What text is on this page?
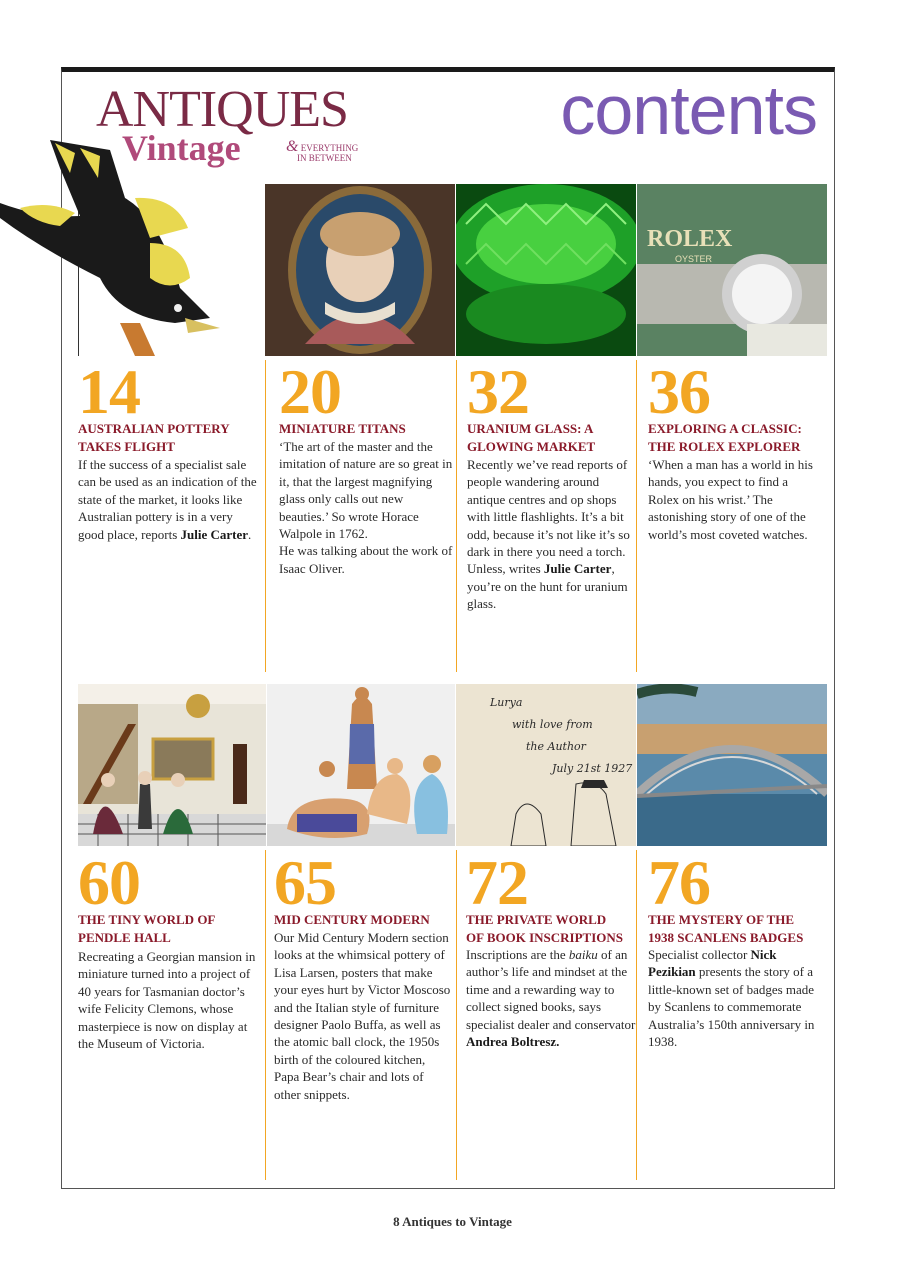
ANTIQUES
Vintage	& EVERYTHING
IN BETWEEN
contents
ROLEX
OYSTER
14
AUSTRALIAN POTTERY
TAKES FLIGHT
If the success of a specialist sale can be used as an indication of the state of the market, it looks like Australian pottery is in a very good place, reports Julie Carter.
20
MINIATURE TITANS
‘The art of the master and the imitation of nature are so great in it, that the largest magnifying glass only calls out new beauties.’ So wrote Horace Walpole in 1762.
He was talking about the work of Isaac Oliver.
32
URANIUM GLASS: A
GLOWING MARKET
Recently we’ve read reports of people wandering around antique centres and op shops with little flashlights. It’s a bit odd, because it’s not like it’s so dark in there you need a torch. Unless, writes Julie Carter, you’re on the hunt for uranium glass.
36
EXPLORING A CLASSIC:
THE ROLEX EXPLORER
‘When a man has a world in his hands, you expect to find a Rolex on his wrist.’ The astonishing story of one of the world’s most coveted watches.
Lurya
with love from
the Author
July 21st 1927
60
THE TINY WORLD OF
PENDLE HALL
Recreating a Georgian mansion in miniature turned into a project of 40 years for Tasmanian doctor’s wife Felicity Clemons, whose masterpiece is now on display at the Museum of Victoria.
65
MID CENTURY MODERN
Our Mid Century Modern section looks at the whimsical pottery of Lisa Larsen, posters that make your eyes hurt by Victor Moscoso and the Italian style of furniture designer Paolo Buffa, as well as the atomic ball clock, the 1950s birth of the coloured kitchen, Papa Bear’s chair and lots of other snippets.
72
THE PRIVATE WORLD
OF BOOK INSCRIPTIONS
Inscriptions are the baiku of an author’s life and mindset at the time and a rewarding way to collect signed books, says specialist dealer and conservator Andrea Boltresz.
76
THE MYSTERY OF THE
1938 SCANLENS BADGES
Specialist collector Nick Pezikian presents the story of a little-known set of badges made by Scanlens to commemorate Australia’s 150th anniversary in 1938.
8 Antiques to Vintage
